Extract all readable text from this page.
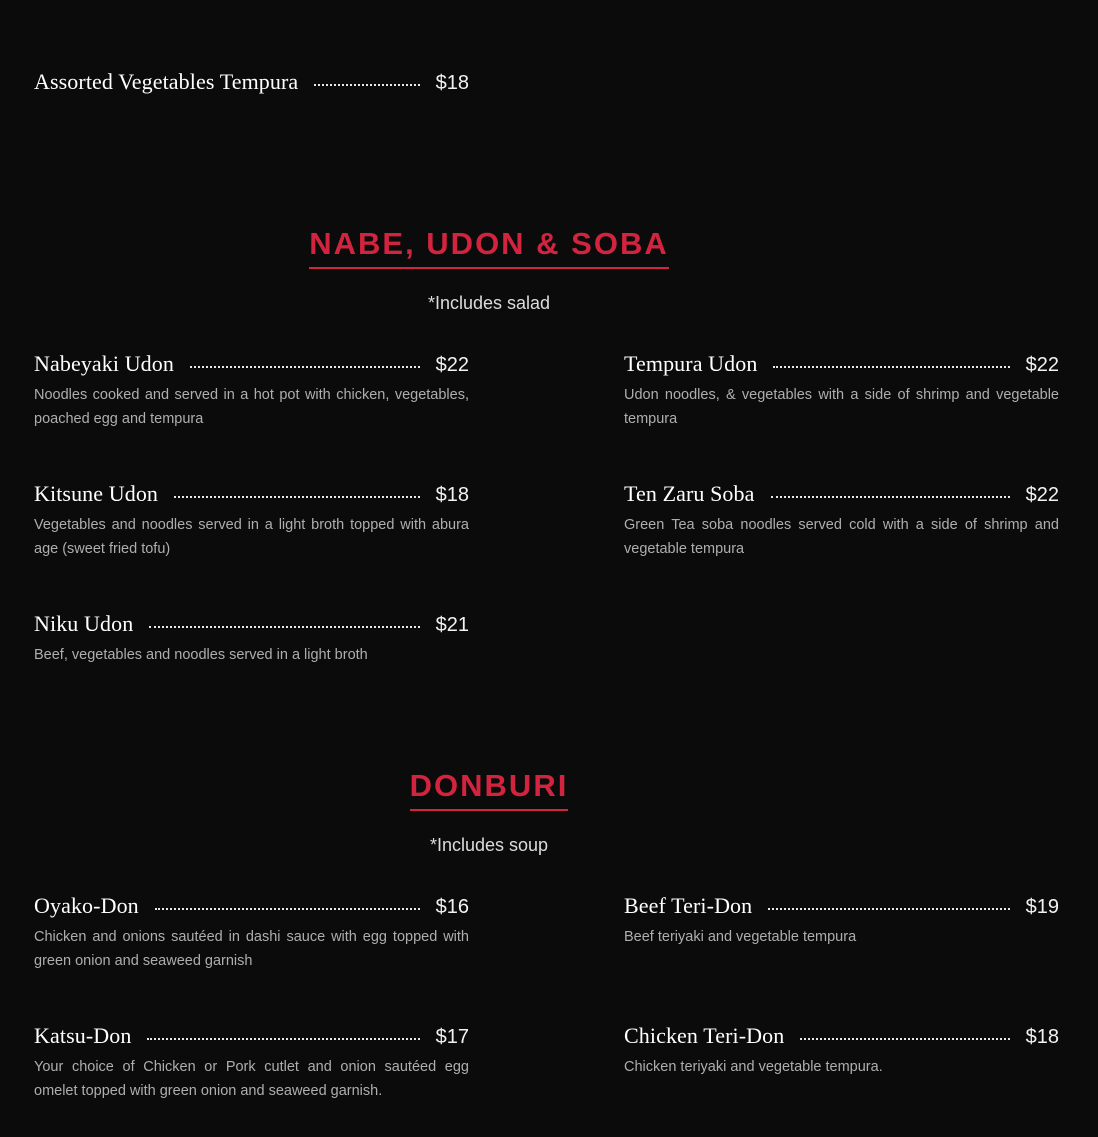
Assorted Vegetables Tempura	$18
NABE, UDON & SOBA
*Includes salad
Nabeyaki Udon	$22
Noodles cooked and served in a hot pot with chicken, vegetables, poached egg and tempura
Tempura Udon	$22
Udon noodles, & vegetables with a side of shrimp and vegetable tempura
Kitsune Udon	$18
Vegetables and noodles served in a light broth topped with abura age (sweet fried tofu)
Ten Zaru Soba	$22
Green Tea soba noodles served cold with a side of shrimp and vegetable tempura
Niku Udon	$21
Beef, vegetables and noodles served in a light broth
DONBURI
*Includes soup
Oyako-Don	$16
Chicken and onions sautéed in dashi sauce with egg topped with green onion and seaweed garnish
Beef Teri-Don	$19
Beef teriyaki and vegetable tempura
Katsu-Don	$17
Your choice of Chicken or Pork cutlet and onion sautéed egg omelet topped with green onion and seaweed garnish.
Chicken Teri-Don	$18
Chicken teriyaki and vegetable tempura.
